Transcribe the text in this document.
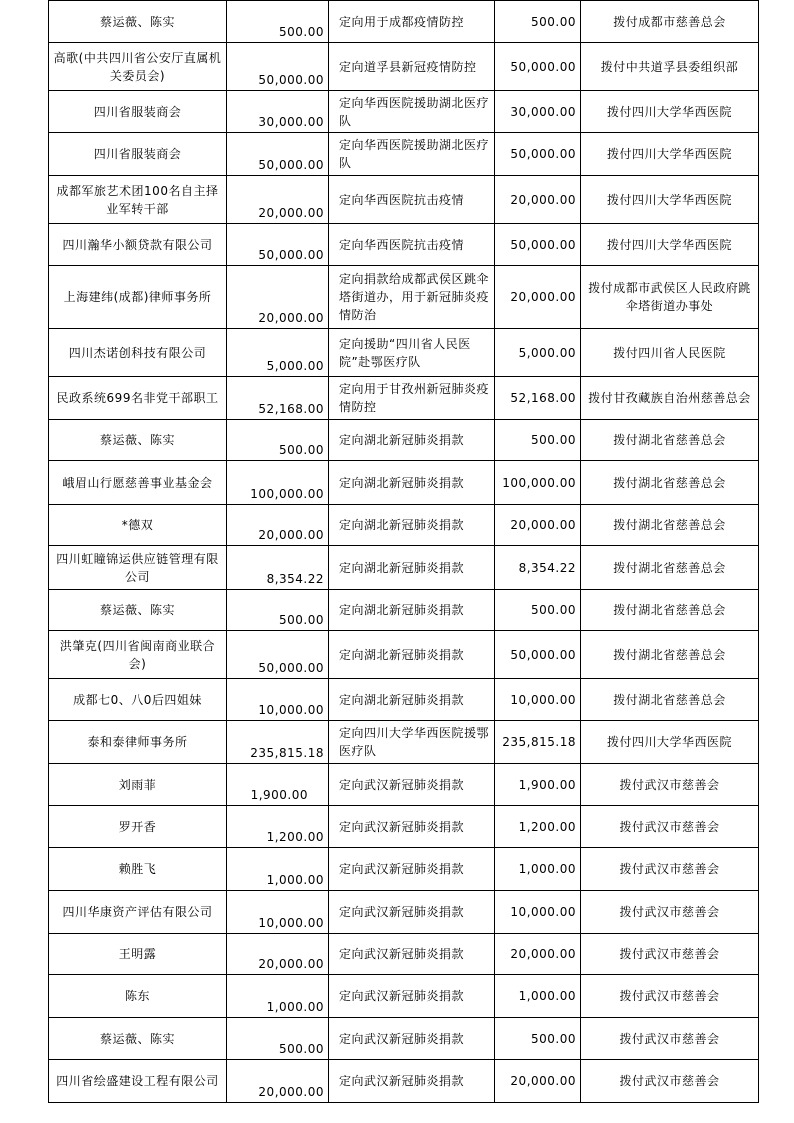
蔡运薇、陈实	500.00	定向用于成都疫情防控	500.00	拨付成都市慈善总会
高歌(中共四川省公安厅直属机关委员会)	50,000.00	定向道孚县新冠疫情防控	50,000.00	拨付中共道孚县委组织部
四川省服装商会	30,000.00	定向华西医院援助湖北医疗队	30,000.00	拨付四川大学华西医院
四川省服装商会	50,000.00	定向华西医院援助湖北医疗队	50,000.00	拨付四川大学华西医院
成都军旅艺术团100名自主择业军转干部	20,000.00	定向华西医院抗击疫情	20,000.00	拨付四川大学华西医院
四川瀚华小额贷款有限公司	50,000.00	定向华西医院抗击疫情	50,000.00	拨付四川大学华西医院
上海建纬(成都)律师事务所	20,000.00	定向捐款给成都武侯区跳伞塔街道办，用于新冠肺炎疫情防治	20,000.00	拨付成都市武侯区人民政府跳伞塔街道办事处
四川杰诺创科技有限公司	5,000.00	定向援助“四川省人民医院”赴鄂医疗队	5,000.00	拨付四川省人民医院
民政系统699名非党干部职工	52,168.00	定向用于甘孜州新冠肺炎疫情防控	52,168.00	拨付甘孜藏族自治州慈善总会
蔡运薇、陈实	500.00	定向湖北新冠肺炎捐款	500.00	拨付湖北省慈善总会
峨眉山行愿慈善事业基金会	100,000.00	定向湖北新冠肺炎捐款	100,000.00	拨付湖北省慈善总会
*德双	20,000.00	定向湖北新冠肺炎捐款	20,000.00	拨付湖北省慈善总会
四川虹瞳锦运供应链管理有限公司	8,354.22	定向湖北新冠肺炎捐款	8,354.22	拨付湖北省慈善总会
蔡运薇、陈实	500.00	定向湖北新冠肺炎捐款	500.00	拨付湖北省慈善总会
洪肇克(四川省闽南商业联合会)	50,000.00	定向湖北新冠肺炎捐款	50,000.00	拨付湖北省慈善总会
成都七0、八0后四姐妹	10,000.00	定向湖北新冠肺炎捐款	10,000.00	拨付湖北省慈善总会
泰和泰律师事务所	235,815.18	定向四川大学华西医院援鄂医疗队	235,815.18	拨付四川大学华西医院
刘雨菲	1,900.00	定向武汉新冠肺炎捐款	1,900.00	拨付武汉市慈善会
罗开香	1,200.00	定向武汉新冠肺炎捐款	1,200.00	拨付武汉市慈善会
赖胜飞	1,000.00	定向武汉新冠肺炎捐款	1,000.00	拨付武汉市慈善会
四川华康资产评估有限公司	10,000.00	定向武汉新冠肺炎捐款	10,000.00	拨付武汉市慈善会
王明露	20,000.00	定向武汉新冠肺炎捐款	20,000.00	拨付武汉市慈善会
陈东	1,000.00	定向武汉新冠肺炎捐款	1,000.00	拨付武汉市慈善会
蔡运薇、陈实	500.00	定向武汉新冠肺炎捐款	500.00	拨付武汉市慈善会
四川省绘盛建设工程有限公司	20,000.00	定向武汉新冠肺炎捐款	20,000.00	拨付武汉市慈善会
